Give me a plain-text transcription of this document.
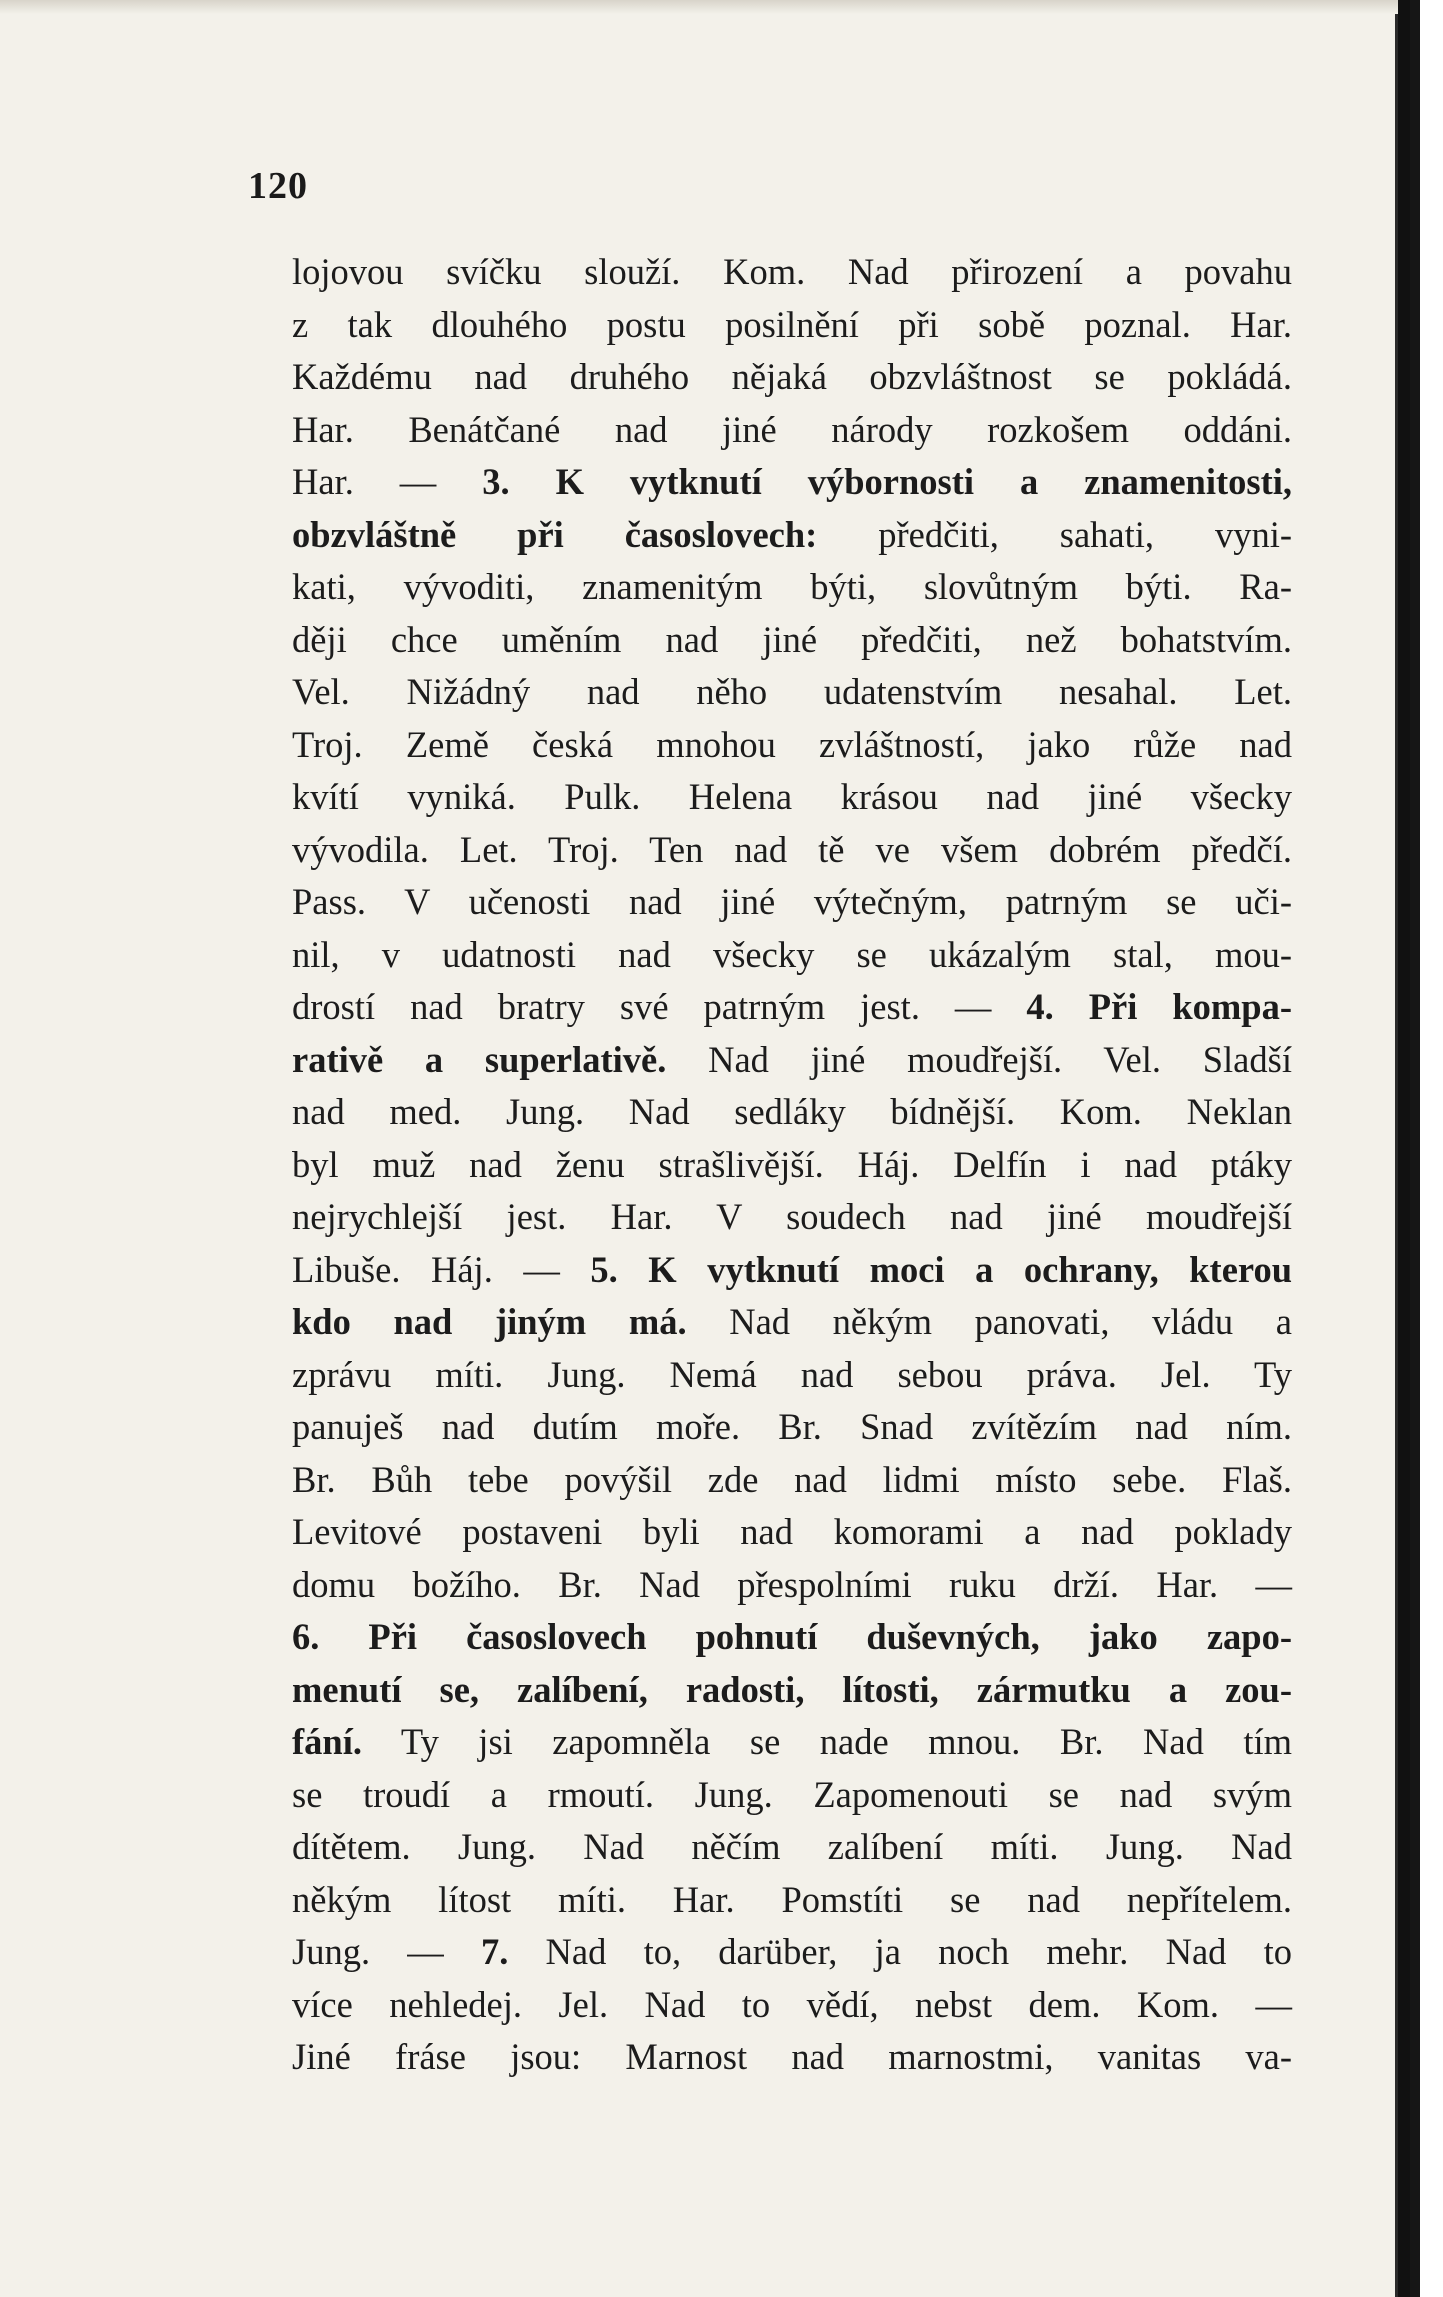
120
lojovou svíčku slouží. Kom. Nad přirození a povahu
z tak dlouhého postu posilnění při sobě poznal. Har.
Každému nad druhého nějaká obzvláštnost se pokládá.
Har. Benátčané nad jiné národy rozkošem oddáni.
Har. — 3. K vytknutí výbornosti a znamenitosti,
obzvláštně při časoslovech: předčiti, sahati, vyni-
kati, vývoditi, znamenitým býti, slovůtným býti. Ra-
ději chce uměním nad jiné předčiti, než bohatstvím.
Vel. Nižádný nad něho udatenstvím nesahal. Let.
Troj. Země česká mnohou zvláštností, jako růže nad
kvítí vyniká. Pulk. Helena krásou nad jiné všecky
vývodila. Let. Troj. Ten nad tě ve všem dobrém předčí.
Pass. V učenosti nad jiné výtečným, patrným se uči-
nil, v udatnosti nad všecky se ukázalým stal, mou-
drostí nad bratry své patrným jest. — 4. Při kompa-
rativě a superlativě. Nad jiné moudřejší. Vel. Sladší
nad med. Jung. Nad sedláky bídnější. Kom. Neklan
byl muž nad ženu strašlivější. Háj. Delfín i nad ptáky
nejrychlejší jest. Har. V soudech nad jiné moudřejší
Libuše. Háj. — 5. K vytknutí moci a ochrany, kterou
kdo nad jiným má. Nad někým panovati, vládu a
zprávu míti. Jung. Nemá nad sebou práva. Jel. Ty
panuješ nad dutím moře. Br. Snad zvítězím nad ním.
Br. Bůh tebe povýšil zde nad lidmi místo sebe. Flaš.
Levitové postaveni byli nad komorami a nad poklady
domu božího. Br. Nad přespolními ruku drží. Har. —
6. Při časoslovech pohnutí duševných, jako zapo-
menutí se, zalíbení, radosti, lítosti, zármutku a zou-
fání. Ty jsi zapomněla se nade mnou. Br. Nad tím
se troudí a rmoutí. Jung. Zapomenouti se nad svým
dítětem. Jung. Nad něčím zalíbení míti. Jung. Nad
někým lítost míti. Har. Pomstíti se nad nepřítelem.
Jung. — 7. Nad to, darüber, ja noch mehr. Nad to
více nehledej. Jel. Nad to vědí, nebst dem. Kom. —
Jiné fráse jsou: Marnost nad marnostmi, vanitas va-
